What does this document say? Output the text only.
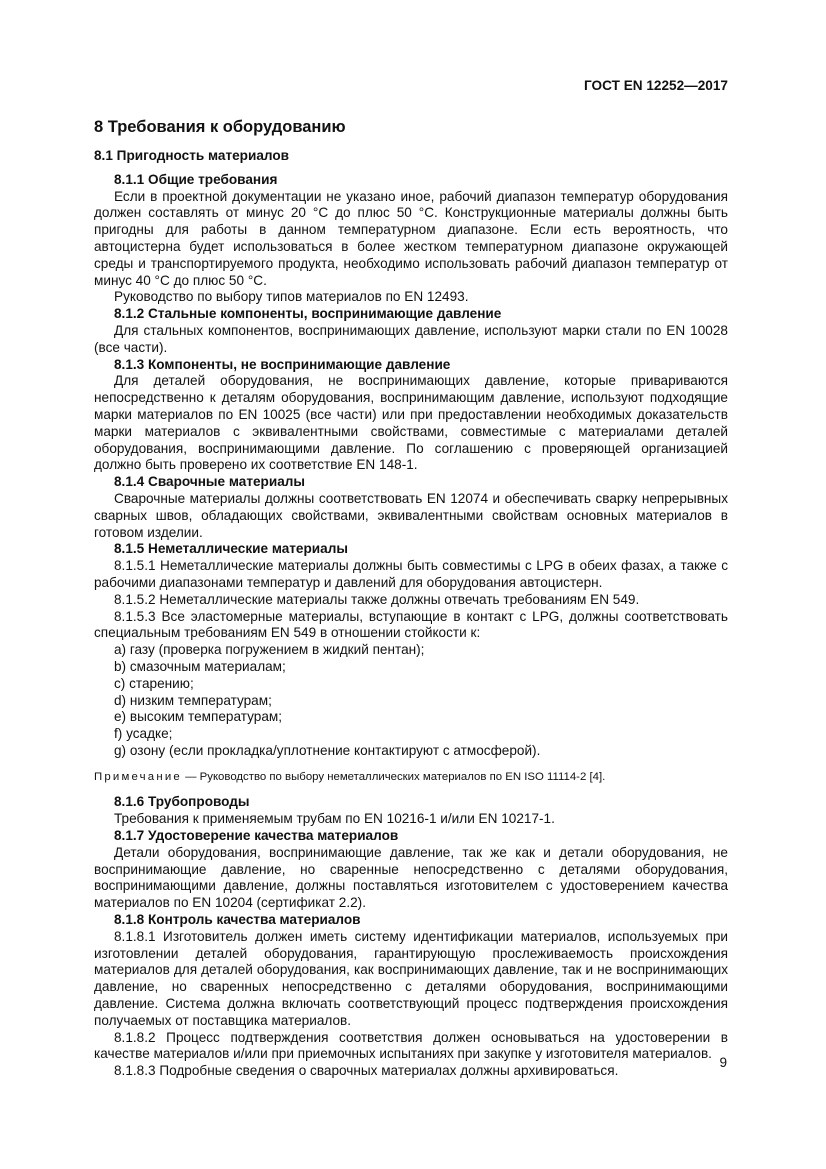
ГОСТ EN 12252—2017
8 Требования к оборудованию
8.1 Пригодность материалов

8.1.1 Общие требования

Если в проектной документации не указано иное, рабочий диапазон температур оборудования должен составлять от минус 20 °С до плюс 50 °С. Конструкционные материалы должны быть пригодны для работы в данном температурном диапазоне. Если есть вероятность, что автоцистерна будет использоваться в более жестком температурном диапазоне окружающей среды и транспортируемого продукта, необходимо использовать рабочий диапазон температур от минус 40 °С до плюс 50 °С.

Руководство по выбору типов материалов по EN 12493.

8.1.2 Стальные компоненты, воспринимающие давление

Для стальных компонентов, воспринимающих давление, используют марки стали по EN 10028 (все части).

8.1.3 Компоненты, не воспринимающие давление

Для деталей оборудования, не воспринимающих давление, которые привариваются непосредственно к деталям оборудования, воспринимающим давление, используют подходящие марки материалов по EN 10025 (все части) или при предоставлении необходимых доказательств марки материалов с эквивалентными свойствами, совместимые с материалами деталей оборудования, воспринимающими давление. По соглашению с проверяющей организацией должно быть проверено их соответствие EN 148-1.

8.1.4 Сварочные материалы

Сварочные материалы должны соответствовать EN 12074 и обеспечивать сварку непрерывных сварных швов, обладающих свойствами, эквивалентными свойствам основных материалов в готовом изделии.

8.1.5 Неметаллические материалы

8.1.5.1 Неметаллические материалы должны быть совместимы с LPG в обеих фазах, а также с рабочими диапазонами температур и давлений для оборудования автоцистерн.

8.1.5.2 Неметаллические материалы также должны отвечать требованиям EN 549.

8.1.5.3 Все эластомерные материалы, вступающие в контакт с LPG, должны соответствовать специальным требованиям EN 549 в отношении стойкости к:

а) газу (проверка погружением в жидкий пентан);
b) смазочным материалам;
с) старению;
d) низким температурам;
е) высоким температурам;
f) усадке;
g) озону (если прокладка/уплотнение контактируют с атмосферой).

Примечание — Руководство по выбору неметаллических материалов по EN ISO 11114-2 [4].

8.1.6 Трубопроводы

Требования к применяемым трубам по EN 10216-1 и/или EN 10217-1.

8.1.7 Удостоверение качества материалов

Детали оборудования, воспринимающие давление, так же как и детали оборудования, не воспринимающие давление, но сваренные непосредственно с деталями оборудования, воспринимающими давление, должны поставляться изготовителем с удостоверением качества материалов по EN 10204 (сертификат 2.2).

8.1.8 Контроль качества материалов

8.1.8.1 Изготовитель должен иметь систему идентификации материалов, используемых при изготовлении деталей оборудования, гарантирующую прослеживаемость происхождения материалов для деталей оборудования, как воспринимающих давление, так и не воспринимающих давление, но сваренных непосредственно с деталями оборудования, воспринимающими давление. Система должна включать соответствующий процесс подтверждения происхождения получаемых от поставщика материалов.

8.1.8.2 Процесс подтверждения соответствия должен основываться на удостоверении в качестве материалов и/или при приемочных испытаниях при закупке у изготовителя материалов.

8.1.8.3 Подробные сведения о сварочных материалах должны архивироваться.

9
